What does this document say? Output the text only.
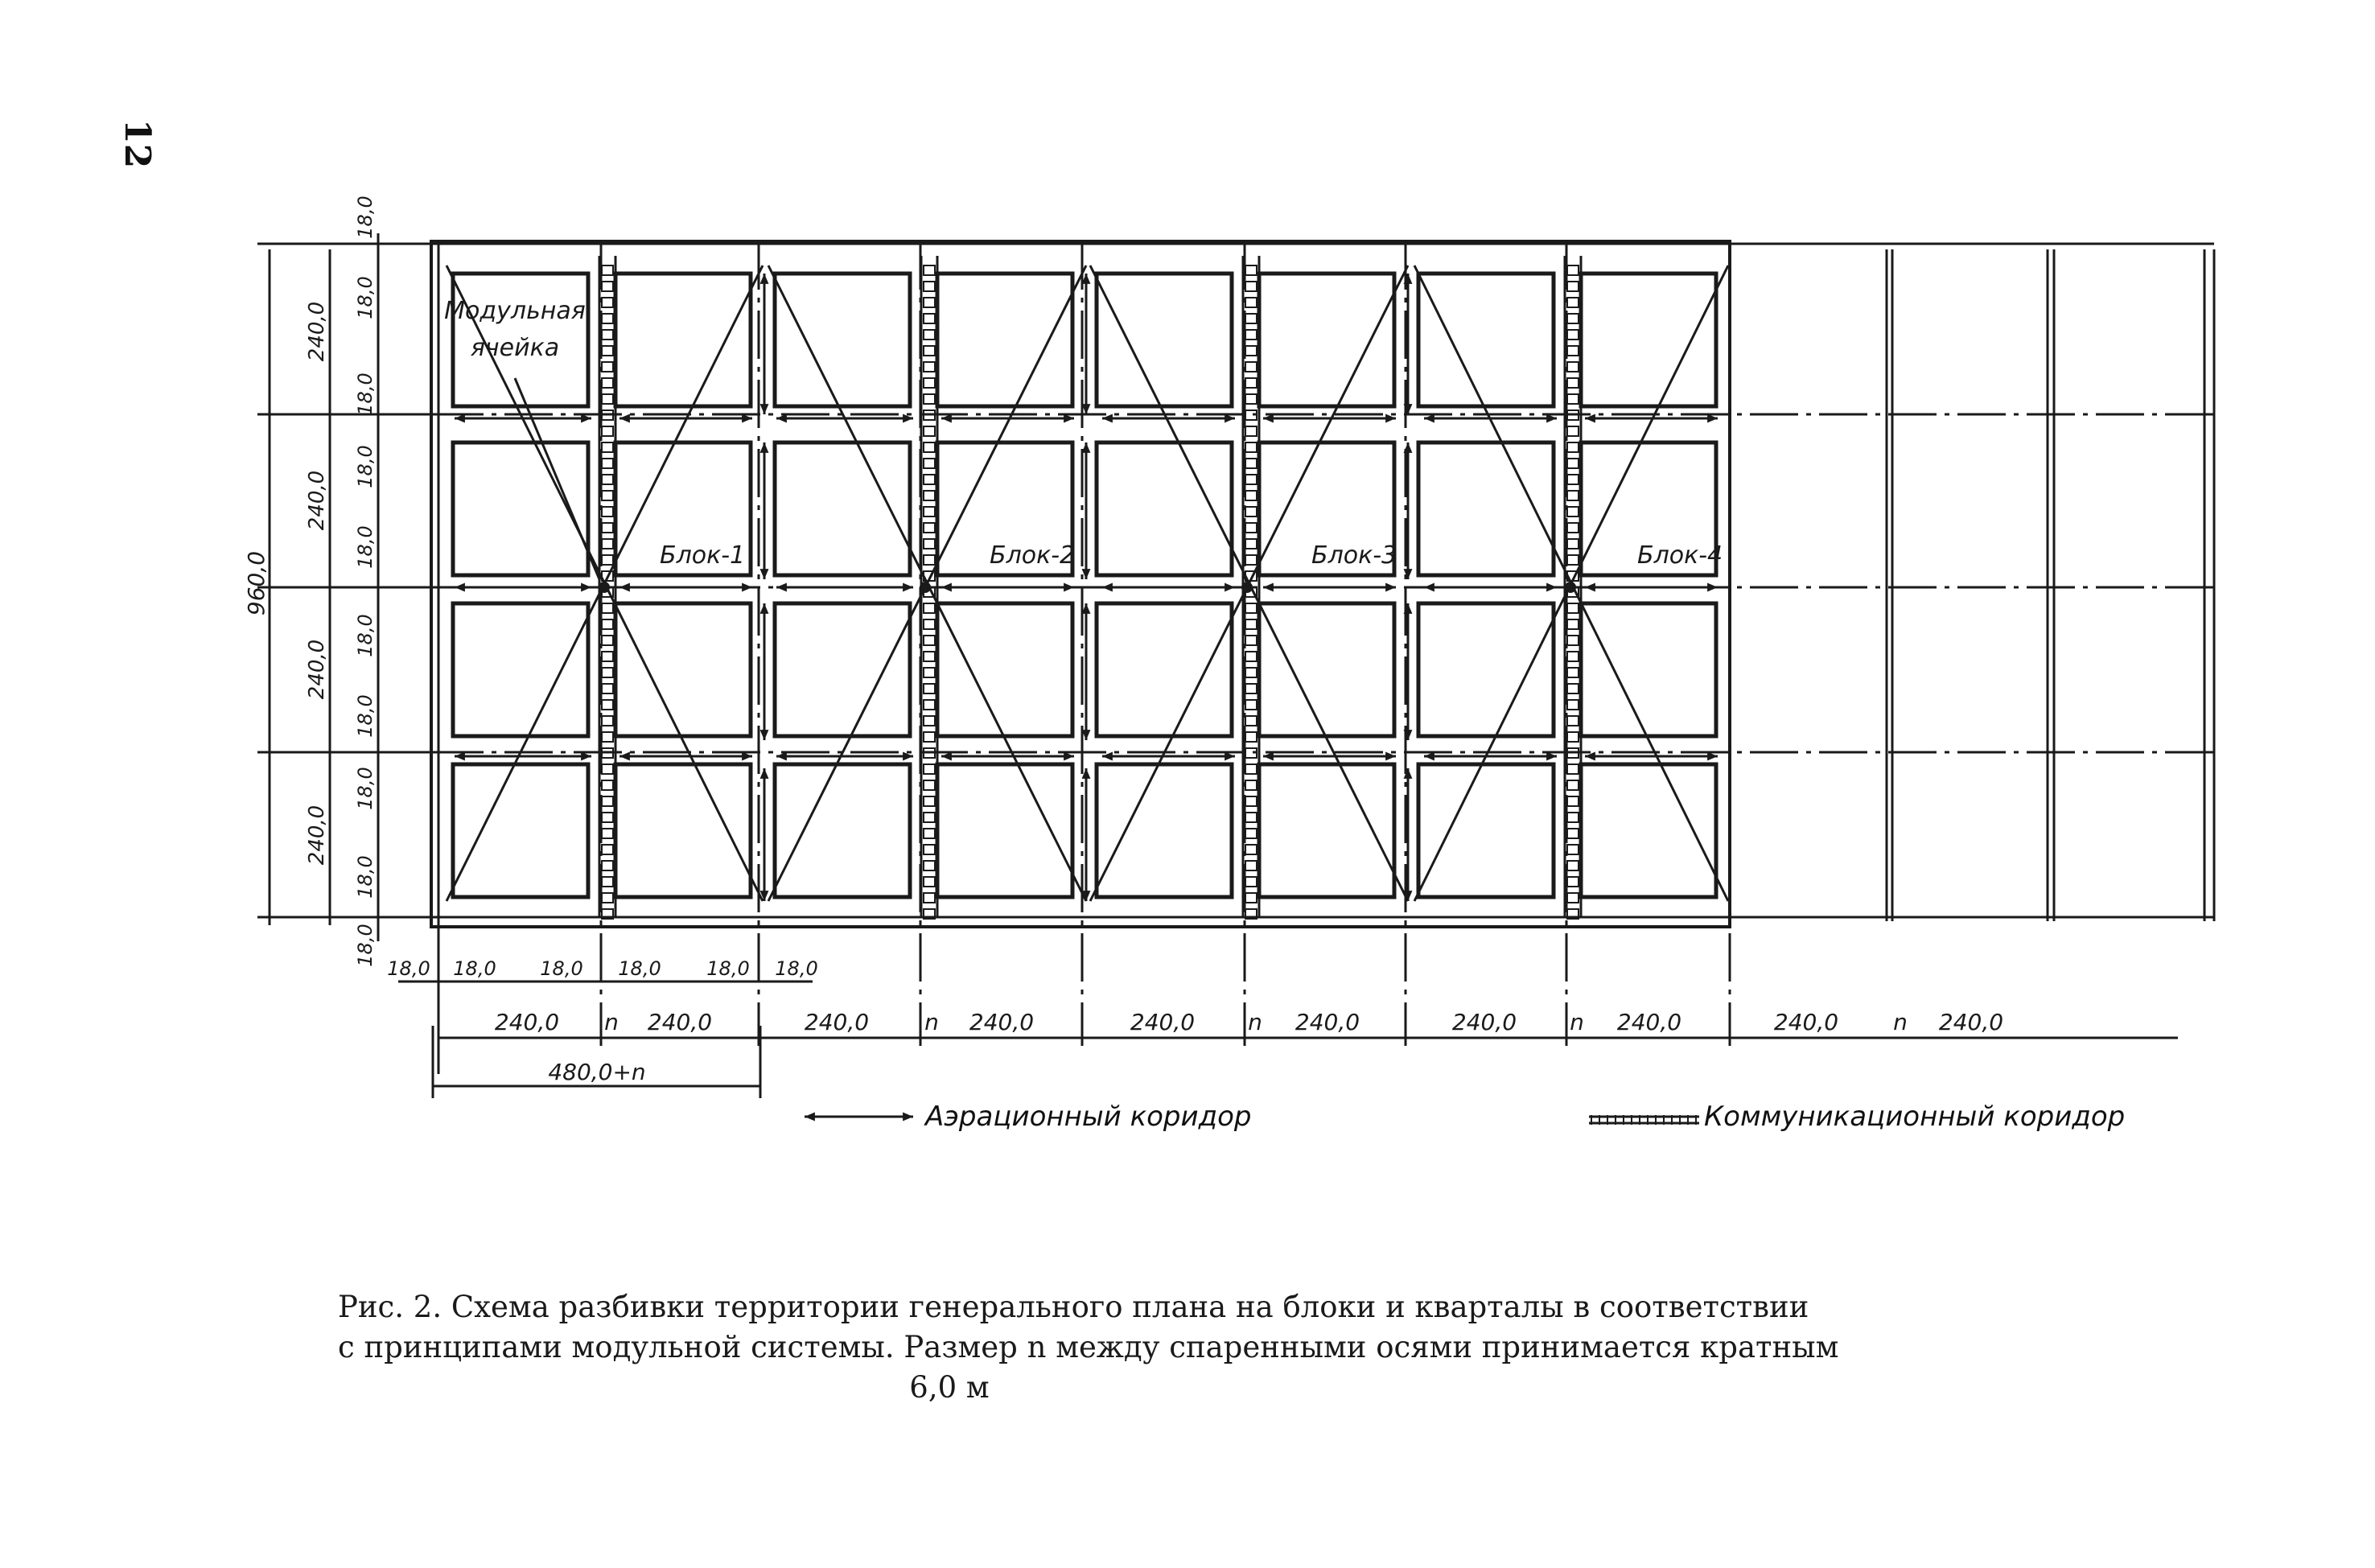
Блок-1	Блок-2	Блок-3	Блок-4
Модульная
ячейка
960,0
240,0
240,0
240,0
240,0
18,0
18,0
18,0
18,0
18,0
18,0
18,0
18,0
18,0
18,0
18,0 18,0 18,0 18,0 18,0 18,0
240,0 n 240,0	240,0 n 240,0	240,0 n 240,0	240,0 n 240,0	240,0 n 240,0
480,0+n
12
Аэрационный коридор	Коммуникационный коридор
Рис. 2. Схема разбивки территории генерального плана на блоки и кварталы в соответствии
с принципами модульной системы. Размер n между спаренными осями принимается кратным
6,0 м
